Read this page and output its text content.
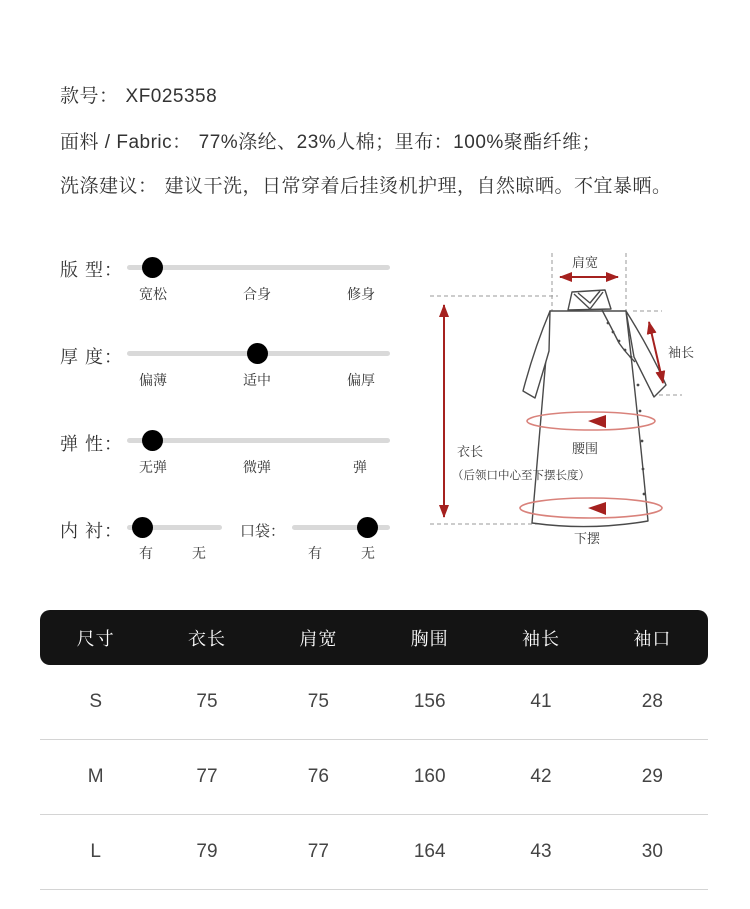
款号： XF025358
面料 / Fabric： 77%涤纶、23%人棉；里布：100%聚酯纤维；
洗涤建议： 建议干洗，日常穿着后挂烫机护理，自然晾晒。不宜暴晒。
版 型：
宽松	合身	修身
厚 度：
偏薄	适中	偏厚
弹 性：
无弹	微弹	弹
内 衬：
有	无
口袋：
有	无
肩宽
袖长
衣长
（后领口中心至下摆长度）
腰围
下摆
尺寸	衣长	肩宽	胸围	袖长	袖口
S	75	75	156	41	28
M	77	76	160	42	29
L	79	77	164	43	30
